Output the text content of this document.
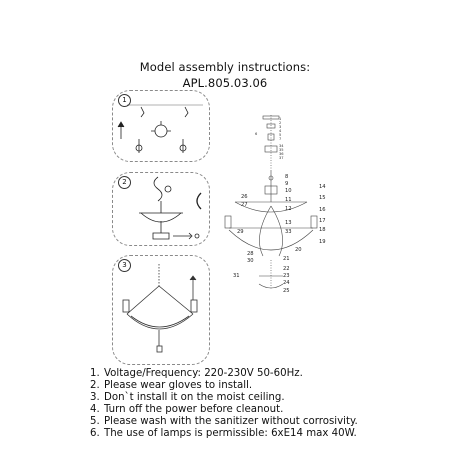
Model assembly instructions:
APL.805.03.06
1
2
3
8
9
10
11
12
13
33
20
21
22
23
24
25
26
27
29
28
30
31
14
15
16
17
18
19
1
2
3
4
5
7
6
34
35
36
37
1. Voltage/Frequency: 220-230V 50-60Hz.
2. Please wear gloves to install.
3. Don`t install it on the moist ceiling.
4. Turn off the power before cleanout.
5. Please wash with the sanitizer without corrosivity.
6. The use of lamps is permissible: 6xE14 max 40W.
